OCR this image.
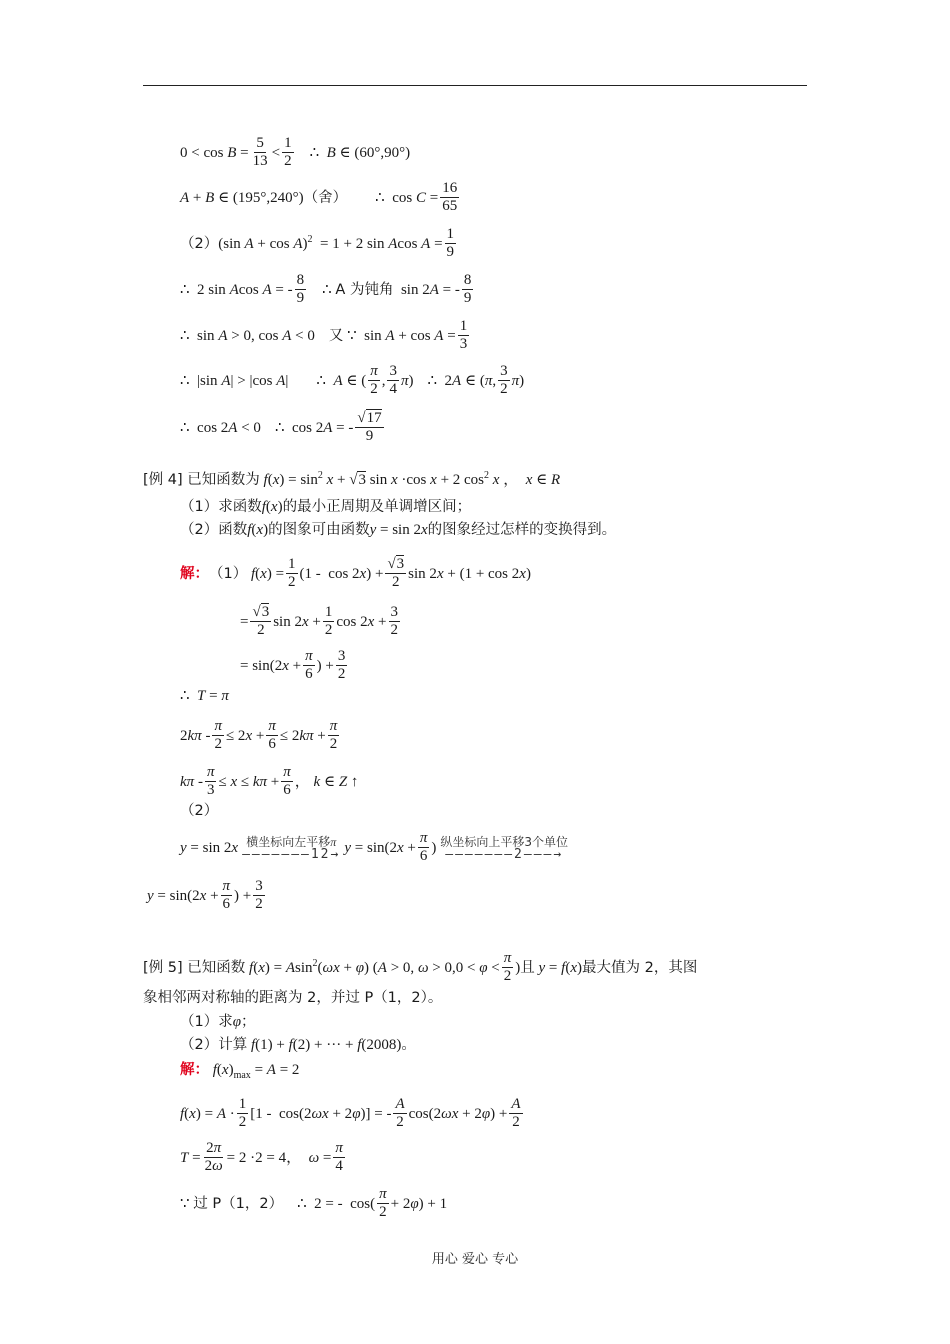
$0 < \cos B = \frac{5}{13} < \frac{1}{2}$ ∴  B ∈ (60°,90°)
A + B ∈ (195°,240°) （舍） ∴  $\cos C = \frac{16}{65}$
（2） (sin A + cos A)$^2$  = 1 + 2 sin Acos $A = \frac{1}{9}$
∴  2 sin Acos A = - $\frac{8}{9}$ ∴ A 为钝角 sin 2A = - $\frac{8}{9}$
∴  sin A > 0, cos A < 0 又 ∵  $\sin A + \cos A = \frac{1}{3}$
∴  |sin A| > |cos A| ∴  A ∈ ( $\frac{\pi}{2}$ , $\frac{3}{4} \pi$) ∴  2A ∈ (π, $\frac{3}{2} \pi$)
∴  cos 2A < 0 ∴  cos 2A = - $\frac{√17}{9}$
[例 4] 已知函数为 $f(x) = \sin^2 x + √3$ sin x ·cos x + 2 $\cos^2 x$ ，  x ∈ R
（1）求函数 f(x) 的最小正周期及单调增区间；
（2）函数 f(x) 的图象可由函数 y = sin 2x 的图象经过怎样的变换得到。
解： （1） $f(x) = \frac{1}{2} (1 - \cos 2x) + \frac{√3}{2}$ sin 2x + (1 + cos 2x)
= $\frac{√3}{2}$ $\sin 2x + \frac{1}{2}$ $\cos 2x + \frac{3}{2}$
= $\sin(2x + \frac{\pi}{6}$ ) + $\frac{3}{2}$
∴  T = π
$2k\pi - \frac{\pi}{2} \le 2x + \frac{\pi}{6} \le 2k\pi + \frac{\pi}{2}$
$k\pi - \frac{\pi}{3} \le x \le k\pi + \frac{\pi}{6}$ ， k ∈ Z ↑
（2）
y = sin 2x 横坐标向左平移π
———————12→ $y = \sin(2x + \frac{\pi}{6}$ ) 纵坐标向上平移3个单位
———————2———→
$y = \sin(2x + \frac{\pi}{6}$ ) + $\frac{3}{2}$
[例 5] 已知函数 f(x) = Asin$^2$(ωx + φ) (A > 0, $\omega > 0,0 < \varphi < \frac{\pi}{2}$ ) 且 y = f(x) 最大值为 2，其图
象相邻两对称轴的距离为 2，并过 P（1，2）。
（1）求 φ ；
（2）计算 f(1) + f(2) + ··· + f(2008) 。
解： $f(x)_{max} = A = 2$
$f(x) = A \cdot \frac{1}{2} [1 - \cos(2\omega x + 2\varphi)]$ = - $\frac{A}{2} \cos(2\omega x + 2\varphi) + \frac{A}{2}$
$T = \frac{2\pi}{2\omega} = 2 \cdot 2 = 4$，  $\omega = \frac{\pi}{4}$
∵ 过 P（1，2） ∴  2 = -  $\cos( \frac{\pi}{2} + 2\varphi) + 1$
用心 爱心 专心
